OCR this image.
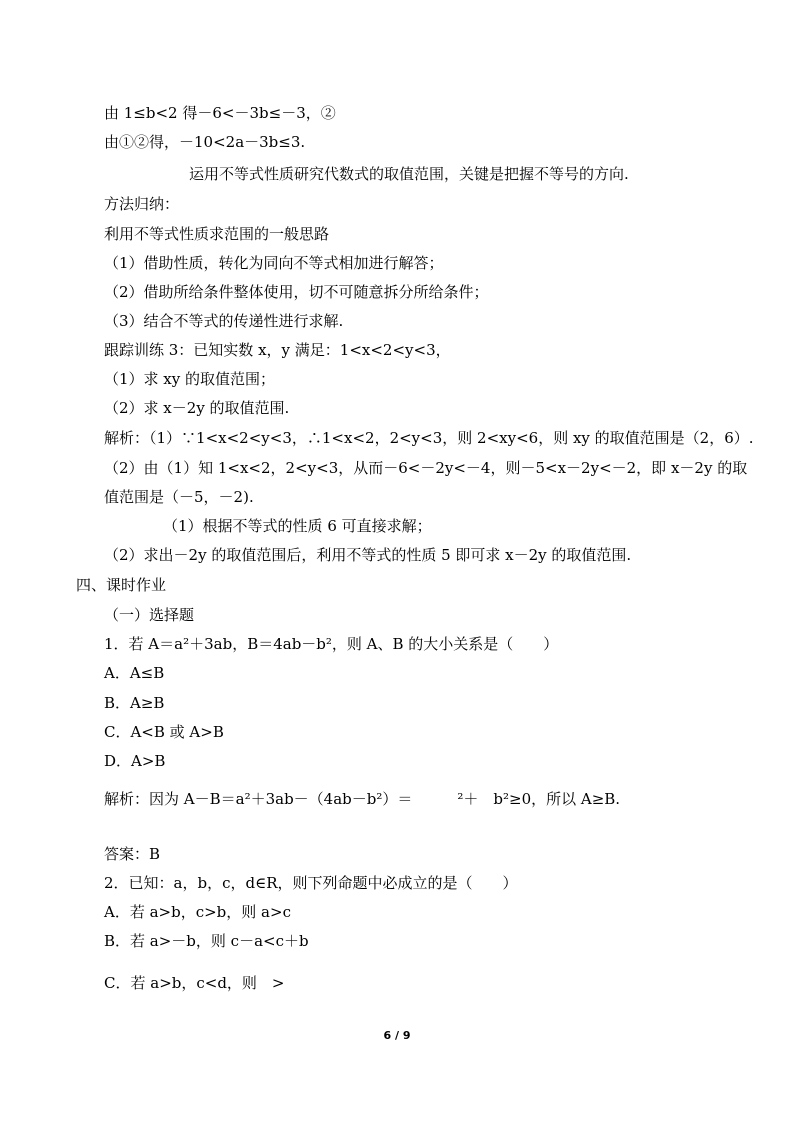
由 1≤b<2 得－6<－3b≤－3，②
由①②得，－10<2a－3b≤3.
运用不等式性质研究代数式的取值范围，关键是把握不等号的方向.
方法归纳：
利用不等式性质求范围的一般思路
（1）借助性质，转化为同向不等式相加进行解答；
（2）借助所给条件整体使用，切不可随意拆分所给条件；
（3）结合不等式的传递性进行求解.
跟踪训练 3：已知实数 x，y 满足：1<x<2<y<3，
（1）求 xy 的取值范围；
（2）求 x－2y 的取值范围.
解析：（1）∵1<x<2<y<3，∴1<x<2，2<y<3，则 2<xy<6，则 xy 的取值范围是（2，6）.
（2）由（1）知 1<x<2，2<y<3，从而－6<－2y<－4，则－5<x－2y<－2，即 x－2y 的取
值范围是（－5，－2).
（1）根据不等式的性质 6 可直接求解；
（2）求出－2y 的取值范围后，利用不等式的性质 5 即可求 x－2y 的取值范围.
四、课时作业
（一）选择题
1．若 A＝a²＋3ab，B＝4ab－b²，则 A、B 的大小关系是（　　）
A．A≤B
B．A≥B
C．A<B 或 A>B
D．A>B
解析：因为 A－B＝a²＋3ab－（4ab－b²）＝　　　²＋　b²≥0，所以 A≥B.
答案：B
2．已知：a，b，c，d∈R，则下列命题中必成立的是（　　）
A．若 a>b，c>b，则 a>c
B．若 a>－b，则 c－a<c＋b
C．若 a>b，c<d，则　>
6 / 9
